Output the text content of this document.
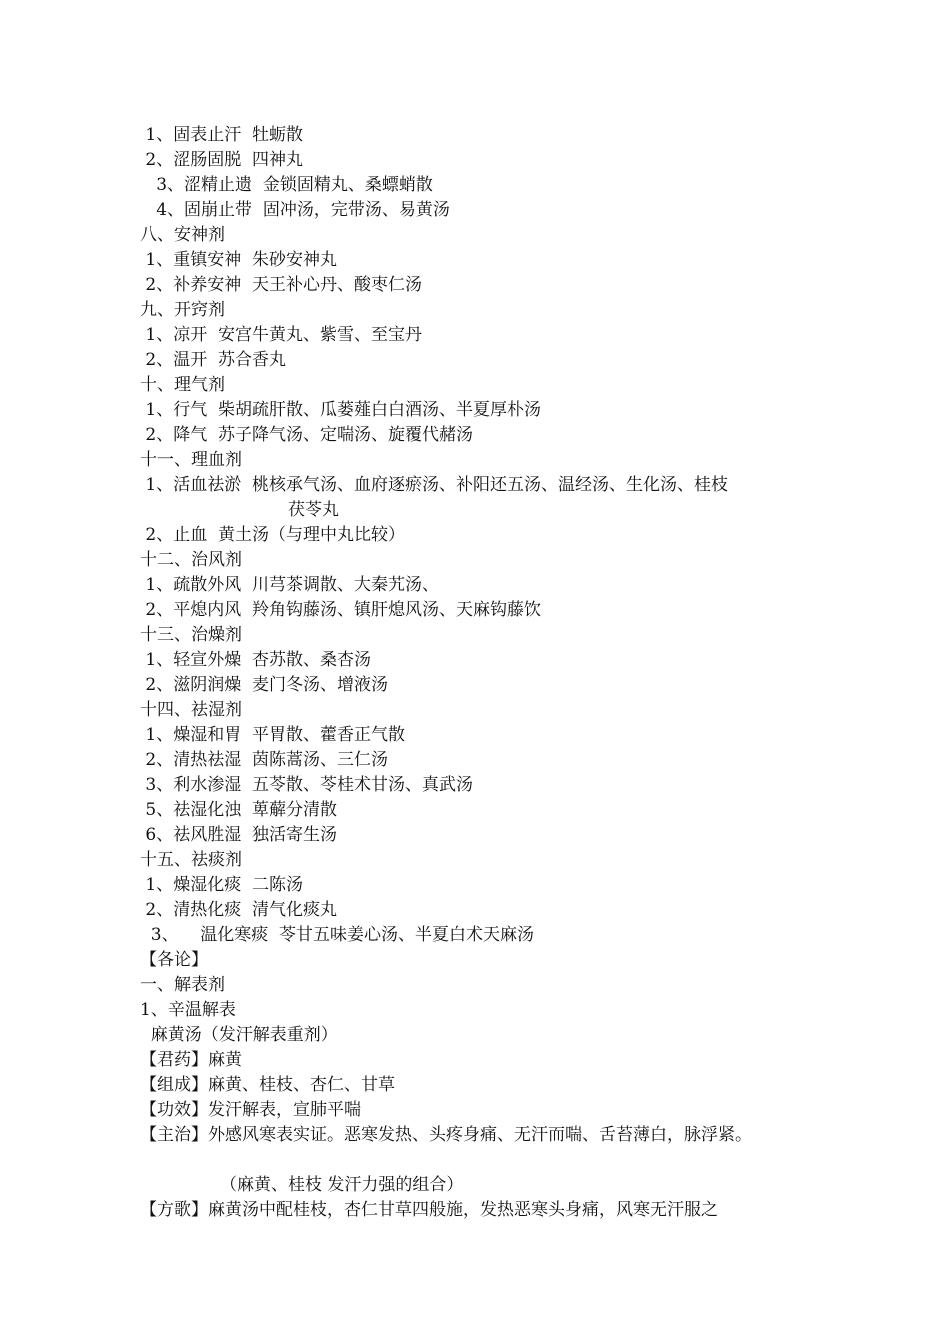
1、固表止汗  牡蛎散
2、涩肠固脱  四神丸
3、涩精止遗  金锁固精丸、桑螵蛸散
4、固崩止带  固冲汤，完带汤、易黄汤
八、安神剂
1、重镇安神  朱砂安神丸
2、补养安神  天王补心丹、酸枣仁汤
九、开窍剂
1、凉开  安宫牛黄丸、紫雪、至宝丹
2、温开  苏合香丸
十、理气剂
1、行气  柴胡疏肝散、瓜蒌薤白白酒汤、半夏厚朴汤
2、降气  苏子降气汤、定喘汤、旋覆代赭汤
十一、理血剂
1、活血祛淤  桃核承气汤、血府逐瘀汤、补阳还五汤、温经汤、生化汤、桂枝
茯苓丸
2、止血  黄土汤（与理中丸比较）
十二、治风剂
1、疏散外风  川芎茶调散、大秦艽汤、
2、平熄内风  羚角钩藤汤、镇肝熄风汤、天麻钩藤饮
十三、治燥剂
1、轻宣外燥  杏苏散、桑杏汤
2、滋阴润燥  麦门冬汤、增液汤
十四、祛湿剂
1、燥湿和胃  平胃散、藿香正气散
2、清热祛湿  茵陈蒿汤、三仁汤
3、利水渗湿  五苓散、苓桂术甘汤、真武汤
5、祛湿化浊  萆薢分清散
6、祛风胜湿  独活寄生汤
十五、祛痰剂
1、燥湿化痰  二陈汤
2、清热化痰  清气化痰丸
3、    温化寒痰  苓甘五味姜心汤、半夏白术天麻汤
【各论】
一、解表剂
1、辛温解表
麻黄汤（发汗解表重剂）
【君药】麻黄
【组成】麻黄、桂枝、杏仁、甘草
【功效】发汗解表，宣肺平喘
【主治】外感风寒表实证。恶寒发热、头疼身痛、无汗而喘、舌苔薄白，脉浮紧。
（麻黄、桂枝 发汗力强的组合）
【方歌】麻黄汤中配桂枝，杏仁甘草四般施，发热恶寒头身痛，风寒无汗服之
